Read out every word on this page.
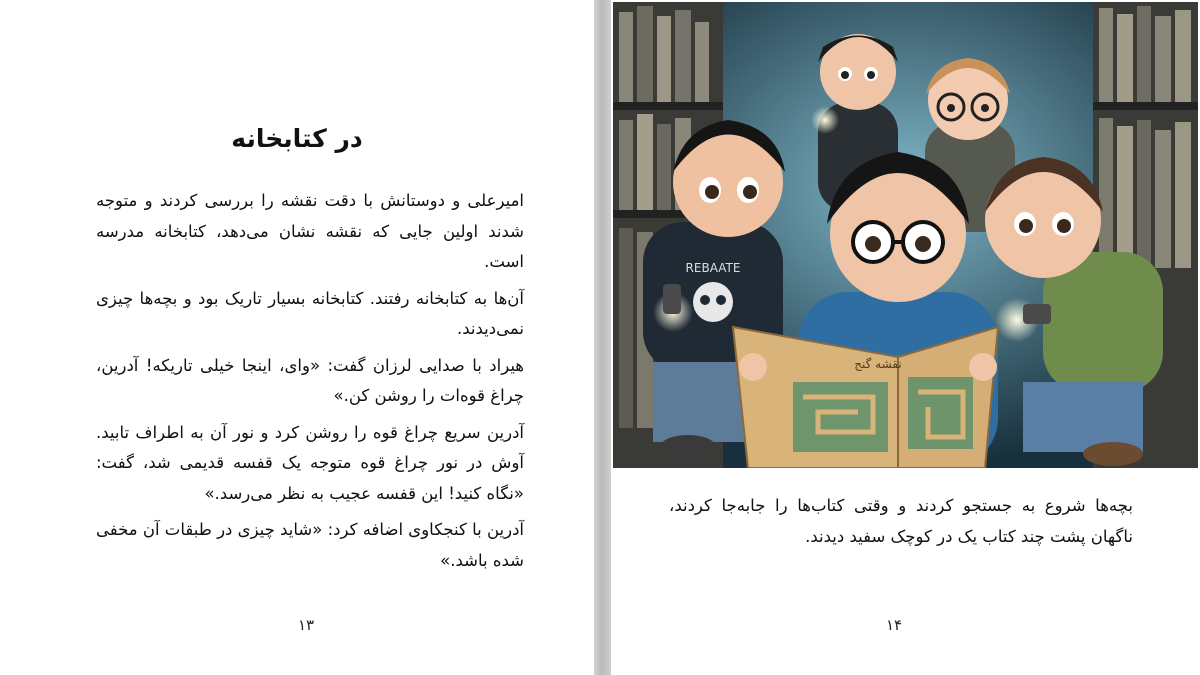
در کتابخانه

امیرعلی و دوستانش با دقت نقشه را بررسی کردند و متوجه شدند اولین جایی که نقشه نشان می‌دهد، کتابخانه مدرسه است.

آن‌ها به کتابخانه رفتند. کتابخانه بسیار تاریک بود و بچه‌ها چیزی نمی‌دیدند.

هیراد با صدایی لرزان گفت: «وای، اینجا خیلی تاریکه! آدرین، چراغ قوه‌ات را روشن کن.»

آدرین سریع چراغ قوه را روشن کرد و نور آن به اطراف تابید. آوش در نور چراغ قوه متوجه یک قفسه قدیمی شد، گفت: «نگاه کنید! این قفسه عجیب به نظر می‌رسد.»

آدرین با کنجکاوی اضافه کرد: «شاید چیزی در طبقات آن مخفی شده باشد.»

۱۳
REBAATE
نقشه گنج
بچه‌ها شروع به جستجو کردند و وقتی کتاب‌ها را جابه‌جا کردند، ناگهان پشت چند کتاب یک در کوچک سفید دیدند.
۱۴
